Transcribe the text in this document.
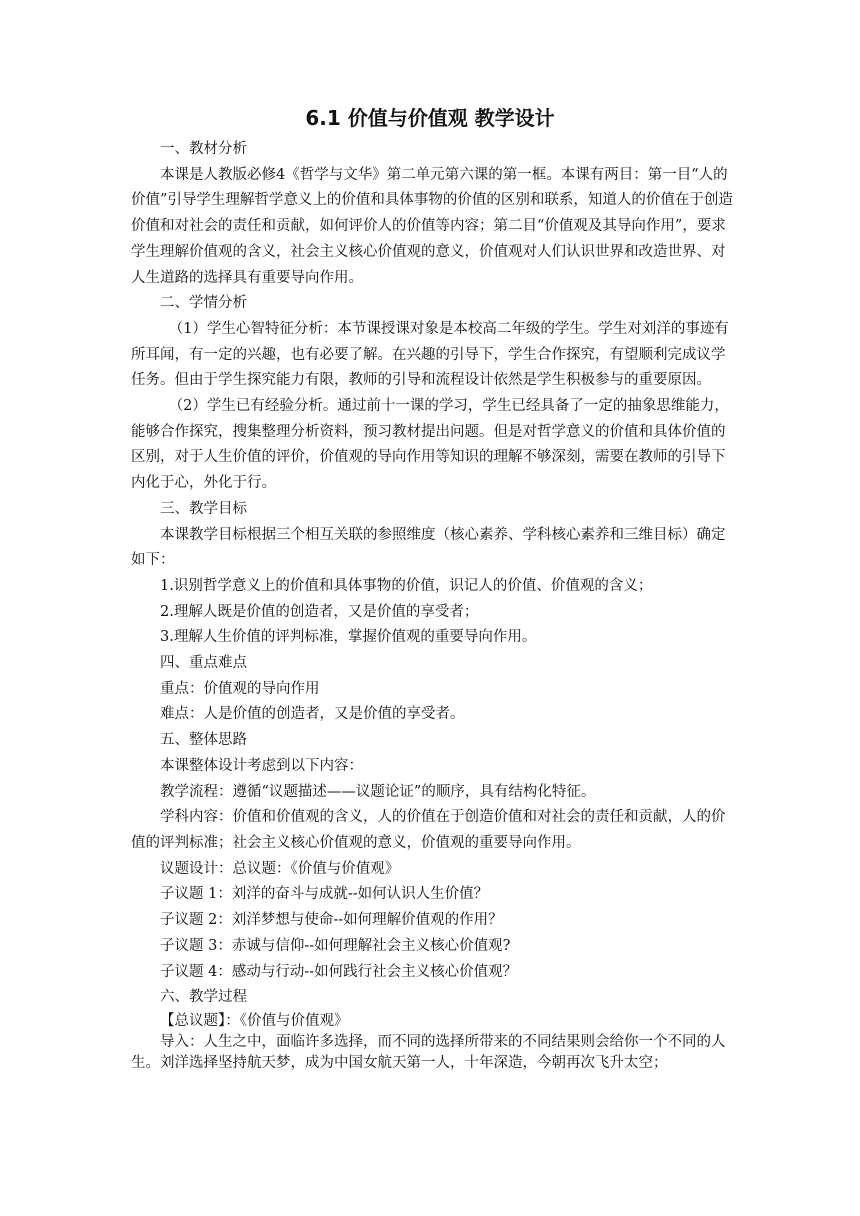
6.1 价值与价值观 教学设计

一、教材分析

本课是人教版必修4《哲学与文华》第二单元第六课的第一框。本课有两目：第一目“人的价值”引导学生理解哲学意义上的价值和具体事物的价值的区别和联系，知道人的价值在于创造价值和对社会的责任和贡献，如何评价人的价值等内容；第二目“价值观及其导向作用”，要求学生理解价值观的含义，社会主义核心价值观的意义，价值观对人们认识世界和改造世界、对人生道路的选择具有重要导向作用。

二、学情分析

（1）学生心智特征分析：本节课授课对象是本校高二年级的学生。学生对刘洋的事迹有所耳闻，有一定的兴趣，也有必要了解。在兴趣的引导下，学生合作探究，有望顺利完成议学任务。但由于学生探究能力有限，教师的引导和流程设计依然是学生积极参与的重要原因。

（2）学生已有经验分析。通过前十一课的学习，学生已经具备了一定的抽象思维能力，能够合作探究，搜集整理分析资料，预习教材提出问题。但是对哲学意义的价值和具体价值的区别，对于人生价值的评价，价值观的导向作用等知识的理解不够深刻，需要在教师的引导下内化于心，外化于行。

三、教学目标

本课教学目标根据三个相互关联的参照维度（核心素养、学科核心素养和三维目标）确定如下：

1.识别哲学意义上的价值和具体事物的价值，识记人的价值、价值观的含义；

2.理解人既是价值的创造者，又是价值的享受者；

3.理解人生价值的评判标准，掌握价值观的重要导向作用。

四、重点难点

重点：价值观的导向作用

难点：人是价值的创造者，又是价值的享受者。

五、整体思路

本课整体设计考虑到以下内容：

教学流程：遵循“议题描述——议题论证”的顺序，具有结构化特征。

学科内容：价值和价值观的含义，人的价值在于创造价值和对社会的责任和贡献，人的价值的评判标准；社会主义核心价值观的意义，价值观的重要导向作用。

议题设计：总议题：《价值与价值观》

子议题 1：刘洋的奋斗与成就--如何认识人生价值？

子议题 2：刘洋梦想与使命--如何理解价值观的作用？

子议题 3：赤诚与信仰--如何理解社会主义核心价值观?

子议题 4：感动与行动--如何践行社会主义核心价值观？

六、教学过程

【总议题】：《价值与价值观》

导入：人生之中，面临许多选择，而不同的选择所带来的不同结果则会给你一个不同的人生。刘洋选择坚持航天梦，成为中国女航天第一人，十年深造，今朝再次飞升太空；
